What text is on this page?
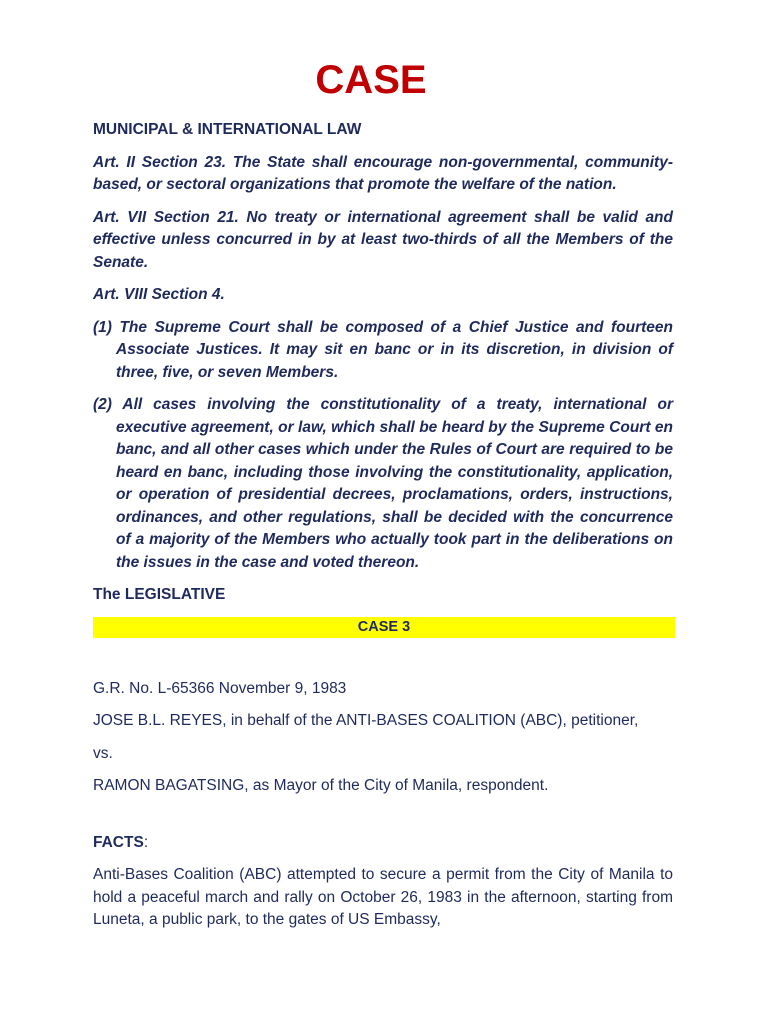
CASE
MUNICIPAL & INTERNATIONAL LAW

Art. II Section 23. The State shall encourage non-governmental, community-based, or sectoral organizations that promote the welfare of the nation.

Art. VII Section 21. No treaty or international agreement shall be valid and effective unless concurred in by at least two-thirds of all the Members of the Senate.

Art. VIII Section 4.

(1) The Supreme Court shall be composed of a Chief Justice and fourteen Associate Justices. It may sit en banc or in its discretion, in division of three, five, or seven Members.
(2) All cases involving the constitutionality of a treaty, international or executive agreement, or law, which shall be heard by the Supreme Court en banc, and all other cases which under the Rules of Court are required to be heard en banc, including those involving the constitutionality, application, or operation of presidential decrees, proclamations, orders, instructions, ordinances, and other regulations, shall be decided with the concurrence of a majority of the Members who actually took part in the deliberations on the issues in the case and voted thereon.
The LEGISLATIVE
CASE 3

G.R. No. L-65366 November 9, 1983

JOSE B.L. REYES, in behalf of the ANTI-BASES COALITION (ABC), petitioner,

vs.

RAMON BAGATSING, as Mayor of the City of Manila, respondent.

FACTS:

Anti-Bases Coalition (ABC) attempted to secure a permit from the City of Manila to hold a peaceful march and rally on October 26, 1983 in the afternoon, starting from Luneta, a public park, to the gates of US Embassy,
